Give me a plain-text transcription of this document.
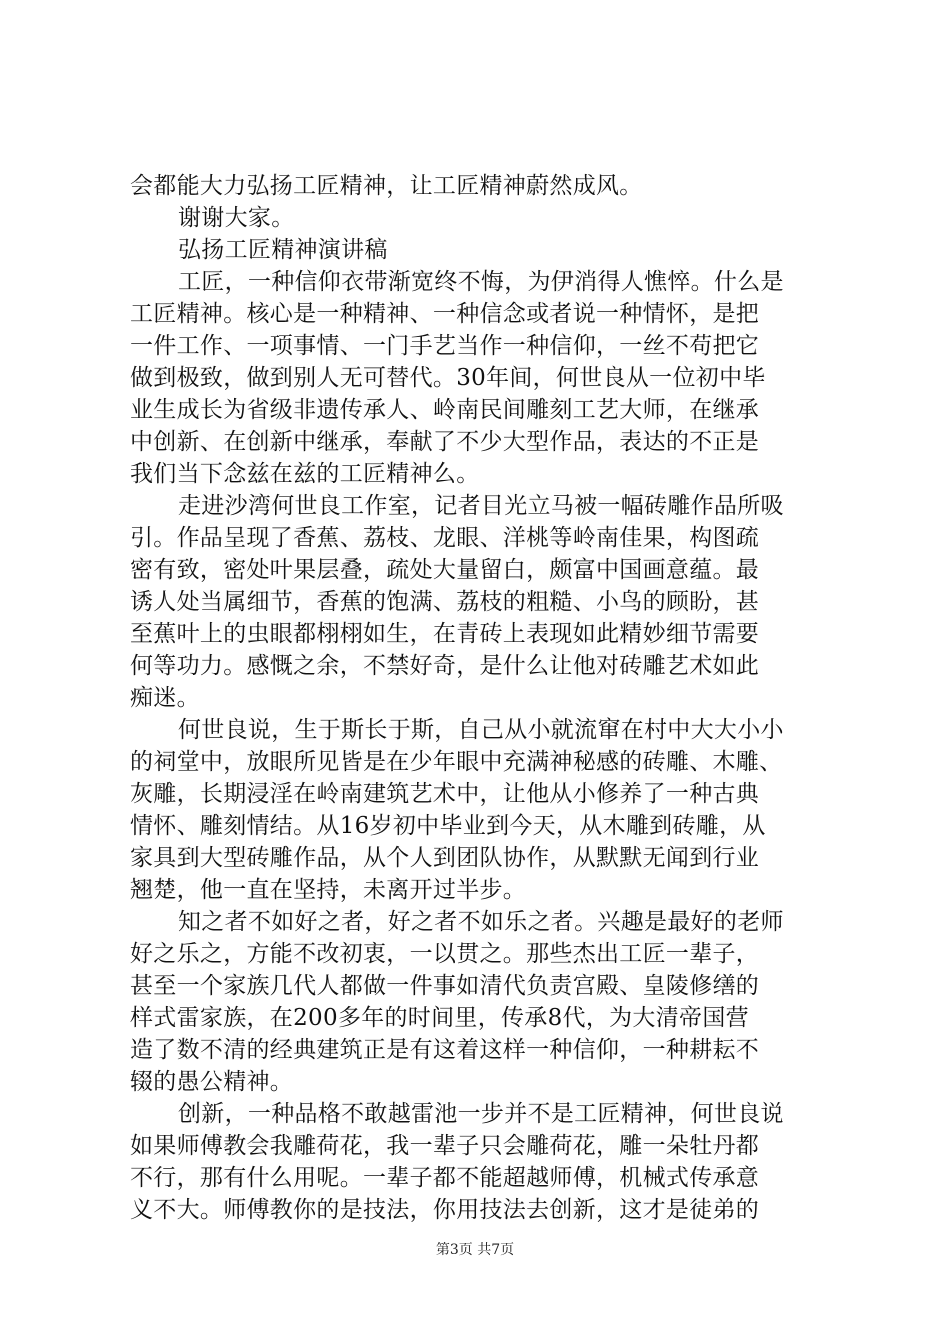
会都能大力弘扬工匠精神，让工匠精神蔚然成风。
谢谢大家。
弘扬工匠精神演讲稿
工匠，一种信仰衣带渐宽终不悔，为伊消得人憔悴。什么是
工匠精神。核心是一种精神、一种信念或者说一种情怀，是把
一件工作、一项事情、一门手艺当作一种信仰，一丝不苟把它
做到极致，做到别人无可替代。30年间，何世良从一位初中毕
业生成长为省级非遗传承人、岭南民间雕刻工艺大师，在继承
中创新、在创新中继承，奉献了不少大型作品，表达的不正是
我们当下念兹在兹的工匠精神么。
走进沙湾何世良工作室，记者目光立马被一幅砖雕作品所吸
引。作品呈现了香蕉、荔枝、龙眼、洋桃等岭南佳果，构图疏
密有致，密处叶果层叠，疏处大量留白，颇富中国画意蕴。最
诱人处当属细节，香蕉的饱满、荔枝的粗糙、小鸟的顾盼，甚
至蕉叶上的虫眼都栩栩如生，在青砖上表现如此精妙细节需要
何等功力。感慨之余，不禁好奇，是什么让他对砖雕艺术如此
痴迷。
何世良说，生于斯长于斯，自己从小就流窜在村中大大小小
的祠堂中，放眼所见皆是在少年眼中充满神秘感的砖雕、木雕、
灰雕，长期浸淫在岭南建筑艺术中，让他从小修养了一种古典
情怀、雕刻情结。从16岁初中毕业到今天，从木雕到砖雕，从
家具到大型砖雕作品，从个人到团队协作，从默默无闻到行业
翘楚，他一直在坚持，未离开过半步。
知之者不如好之者，好之者不如乐之者。兴趣是最好的老师
好之乐之，方能不改初衷，一以贯之。那些杰出工匠一辈子，
甚至一个家族几代人都做一件事如清代负责宫殿、皇陵修缮的
样式雷家族，在200多年的时间里，传承8代，为大清帝国营
造了数不清的经典建筑正是有这着这样一种信仰，一种耕耘不
辍的愚公精神。
创新，一种品格不敢越雷池一步并不是工匠精神，何世良说
如果师傅教会我雕荷花，我一辈子只会雕荷花，雕一朵牡丹都
不行，那有什么用呢。一辈子都不能超越师傅，机械式传承意
义不大。师傅教你的是技法，你用技法去创新，这才是徒弟的
第3页 共7页
